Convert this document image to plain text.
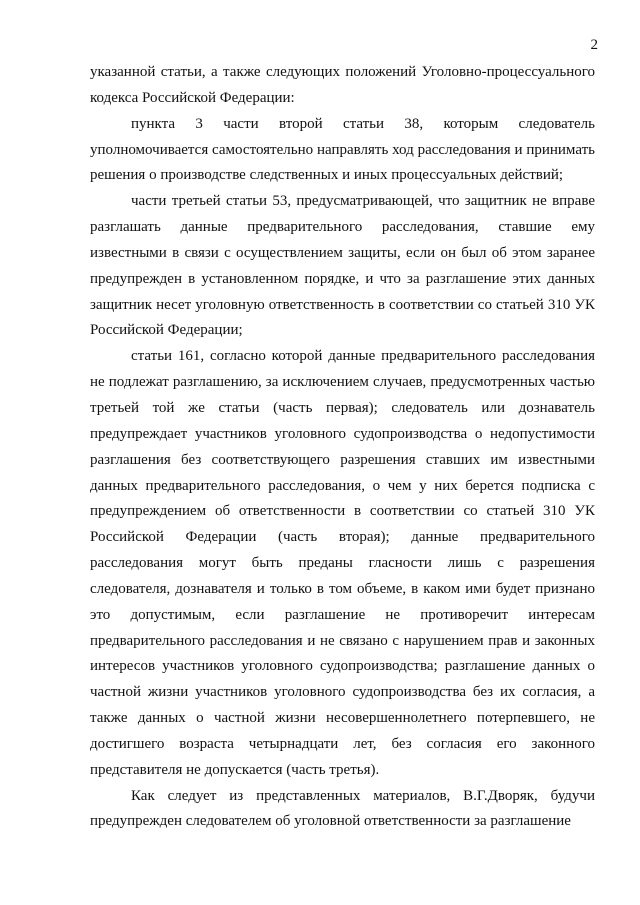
2

указанной статьи, а также следующих положений Уголовно-процессуального кодекса Российской Федерации:

пункта 3 части второй статьи 38, которым следователь уполномочивается самостоятельно направлять ход расследования и принимать решения о производстве следственных и иных процессуальных действий;

части третьей статьи 53, предусматривающей, что защитник не вправе разглашать данные предварительного расследования, ставшие ему известными в связи с осуществлением защиты, если он был об этом заранее предупрежден в установленном порядке, и что за разглашение этих данных защитник несет уголовную ответственность в соответствии со статьей 310 УК Российской Федерации;

статьи 161, согласно которой данные предварительного расследования не подлежат разглашению, за исключением случаев, предусмотренных частью третьей той же статьи (часть первая); следователь или дознаватель предупреждает участников уголовного судопроизводства о недопустимости разглашения без соответствующего разрешения ставших им известными данных предварительного расследования, о чем у них берется подписка с предупреждением об ответственности в соответствии со статьей 310 УК Российской Федерации (часть вторая); данные предварительного расследования могут быть преданы гласности лишь с разрешения следователя, дознавателя и только в том объеме, в каком ими будет признано это допустимым, если разглашение не противоречит интересам предварительного расследования и не связано с нарушением прав и законных интересов участников уголовного судопроизводства; разглашение данных о частной жизни участников уголовного судопроизводства без их согласия, а также данных о частной жизни несовершеннолетнего потерпевшего, не достигшего возраста четырнадцати лет, без согласия его законного представителя не допускается (часть третья).

Как следует из представленных материалов, В.Г.Дворяк, будучи предупрежден следователем об уголовной ответственности за разглашение
